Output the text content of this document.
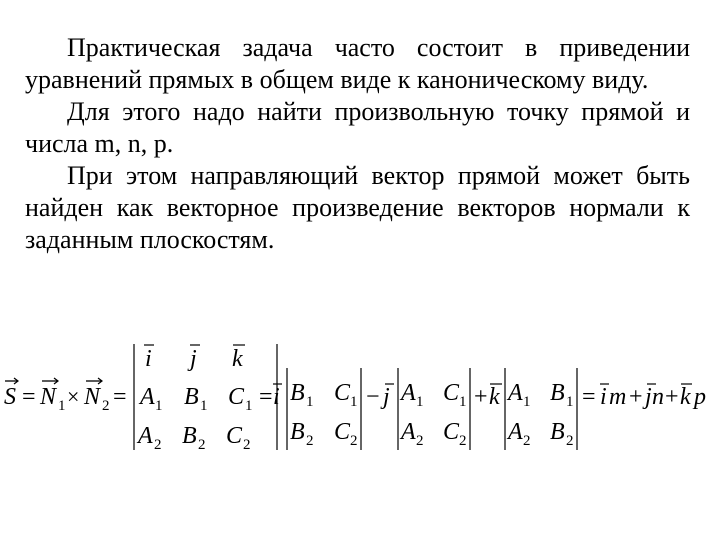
Практическая задача часто состоит в приведении уравнений прямых в общем виде к каноническому виду.

Для этого надо найти произвольную точку прямой и числа m, n, p.

При этом направляющий вектор прямой может быть найден как векторное произведение векторов нормали к заданным плоскостям.

S = N 1 × N 2 =
i j k
A 1 B 1 C 1
A 2 B 2 C 2
= i B 1 C 1
B 2 C 2
− j A 1 C 1
A 2 C 2
+ k A 1 B 1
A 2 B 2
= i m + j n + k p
